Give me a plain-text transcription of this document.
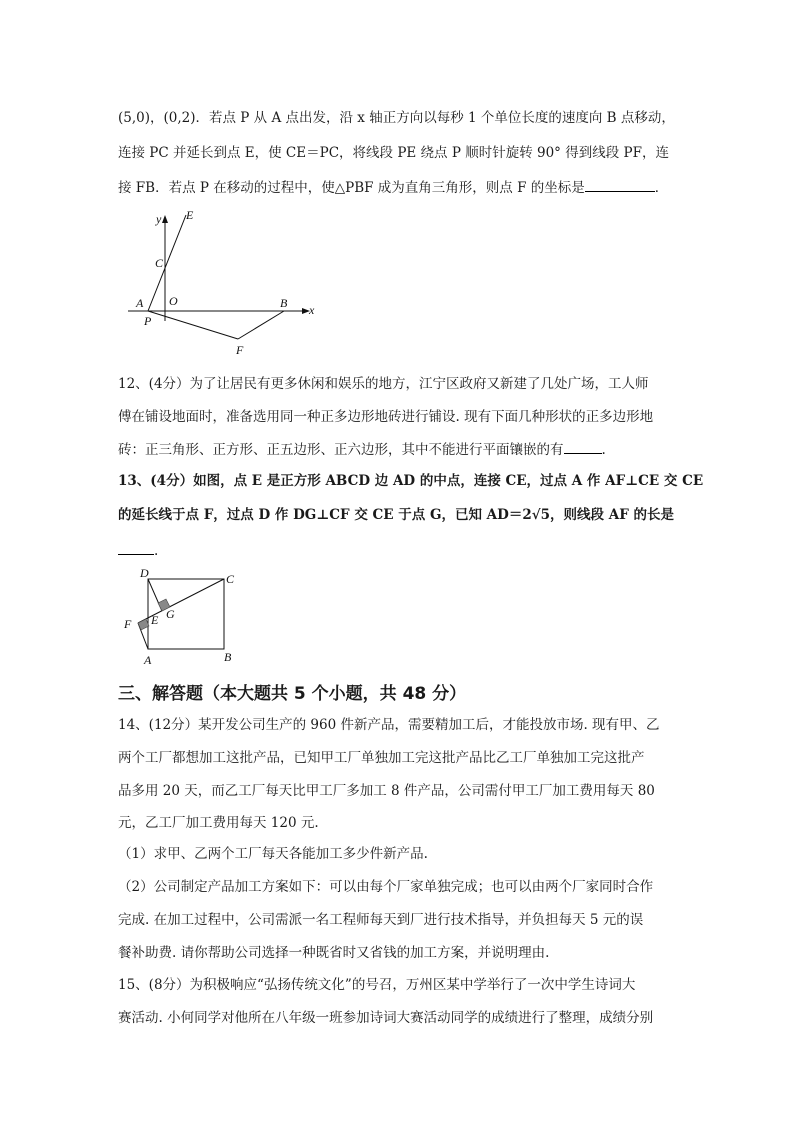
(5,0)，(0,2)．若点 P 从 A 点出发，沿 x 轴正方向以每秒 1 个单位长度的速度向 B 点移动，
连接 PC 并延长到点 E，使 CE＝PC，将线段 PE 绕点 P 顺时针旋转 90° 得到线段 PF，连
接 FB．若点 P 在移动的过程中，使△PBF 成为直角三角形，则点 F 的坐标是	．
y E
C
A O	B x
P
F
12、(4分）为了让居民有更多休闲和娱乐的地方，江宁区政府又新建了几处广场，工人师
傅在铺设地面时，准备选用同一种正多边形地砖进行铺设. 现有下面几种形状的正多边形地
砖：正三角形、正方形、正五边形、正六边形，其中不能进行平面镶嵌的有	.
13、(4分）如图，点 E 是正方形 ABCD 边 AD 的中点，连接 CE，过点 A 作 AF⊥CE 交 CE
的延长线于点 F，过点 D 作 DG⊥CF 交 CE 于点 G，已知 AD＝2√5，则线段 AF 的长是
.
D	C
G
E
F
A	B
三、解答题（本大题共 5 个小题，共 48 分）
14、(12分）某开发公司生产的 960 件新产品，需要精加工后，才能投放市场. 现有甲、乙
两个工厂都想加工这批产品，已知甲工厂单独加工完这批产品比乙工厂单独加工完这批产
品多用 20 天，而乙工厂每天比甲工厂多加工 8 件产品，公司需付甲工厂加工费用每天 80
元，乙工厂加工费用每天 120 元.
（1）求甲、乙两个工厂每天各能加工多少件新产品.
（2）公司制定产品加工方案如下：可以由每个厂家单独完成；也可以由两个厂家同时合作
完成. 在加工过程中，公司需派一名工程师每天到厂进行技术指导，并负担每天 5 元的误
餐补助费. 请你帮助公司选择一种既省时又省钱的加工方案，并说明理由.
15、(8分）为积极响应“弘扬传统文化”的号召，万州区某中学举行了一次中学生诗词大
赛活动. 小何同学对他所在八年级一班参加诗词大赛活动同学的成绩进行了整理，成绩分别
